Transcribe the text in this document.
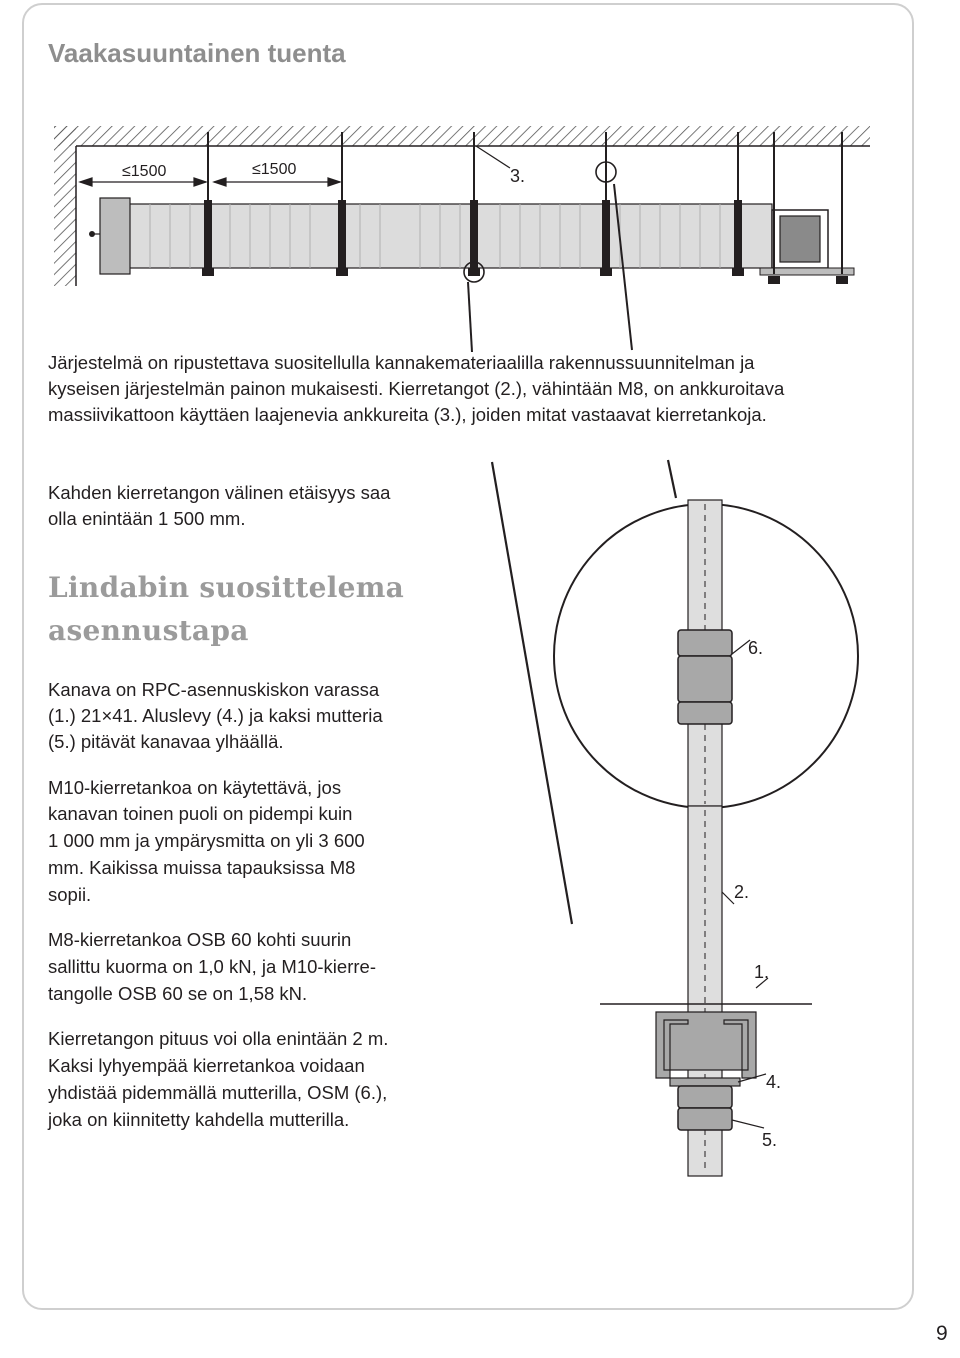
Vaakasuuntainen tuenta
≤1500	≤1500	3.
6.
2.
1.
4.
5.

Järjestelmä on ripustettava suositellulla kannakemateriaalilla rakennussuunnitelman ja

kyseisen järjestelmän painon mukaisesti. Kierretangot (2.), vähintään M8, on ankkuroitava

massiivikattoon käyttäen laajenevia ankkureita (3.), joiden mitat vastaavat kierretankoja.

Kahden kierretangon välinen etäisyys saa

olla enintään 1 500 mm.

Lindabin suosittelema
asennustapa

Kanava on RPC-asennuskiskon varassa

(1.) 21×41. Aluslevy (4.) ja kaksi mutteria

(5.) pitävät kanavaa ylhäällä.

M10-kierretankoa on käytettävä, jos

kanavan toinen puoli on pidempi kuin

1 000 mm ja ympärysmitta on yli 3 600

mm. Kaikissa muissa tapauksissa M8

sopii.

M8-kierretankoa OSB 60 kohti suurin

sallittu kuorma on 1,0 kN, ja M10-kierre-

tangolle OSB 60 se on 1,58 kN.

Kierretangon pituus voi olla enintään 2 m.

Kaksi lyhyempää kierretankoa voidaan

yhdistää pidemmällä mutterilla, OSM (6.),

joka on kiinnitetty kahdella mutterilla.

9
